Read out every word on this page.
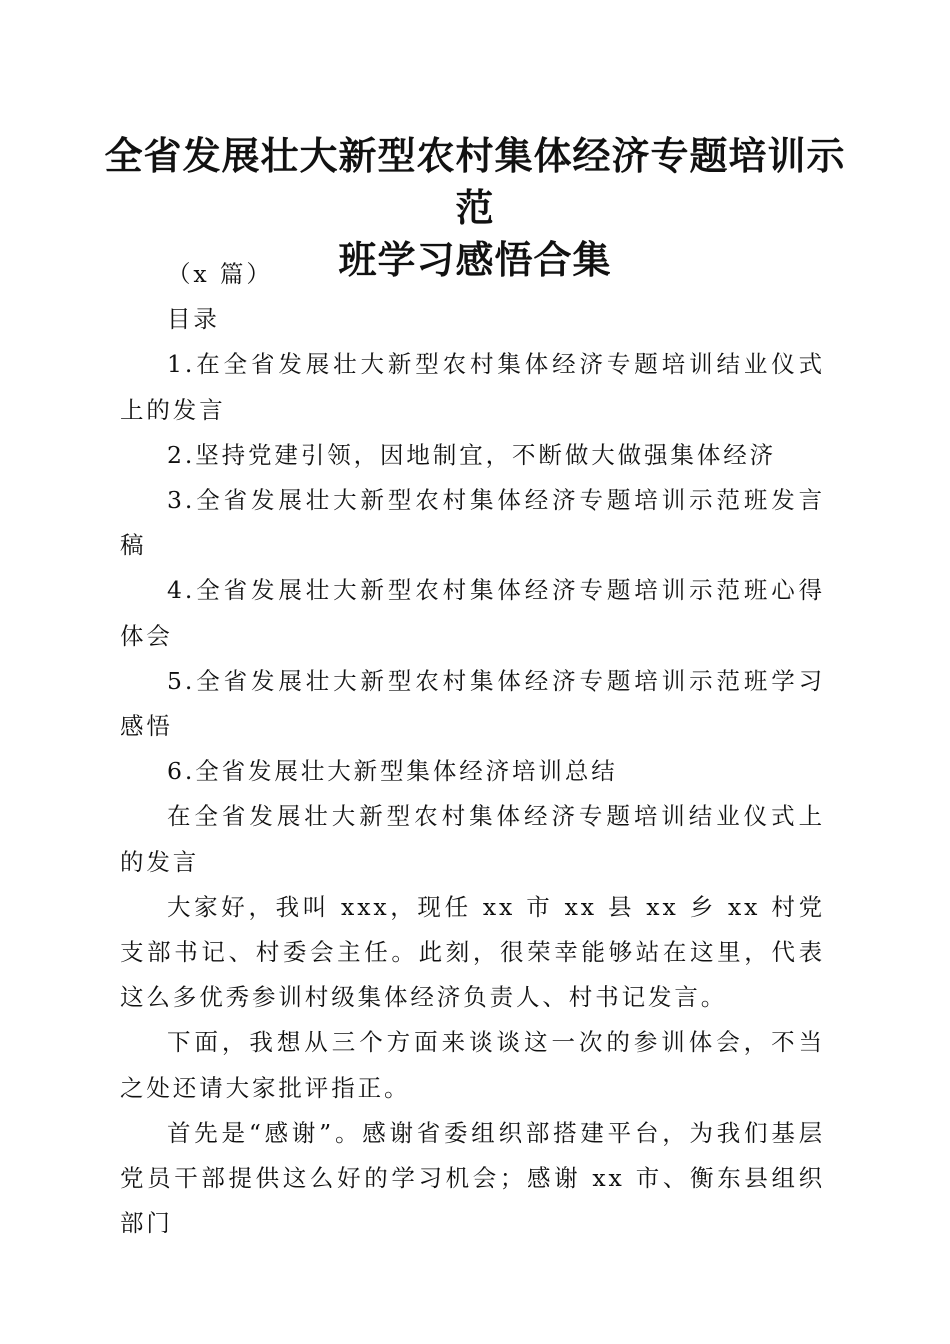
全省发展壮大新型农村集体经济专题培训示范
班学习感悟合集

（x 篇）

目录

1.在全省发展壮大新型农村集体经济专题培训结业仪式上的发言

2.坚持党建引领，因地制宜，不断做大做强集体经济

3.全省发展壮大新型农村集体经济专题培训示范班发言稿

4.全省发展壮大新型农村集体经济专题培训示范班心得体会

5.全省发展壮大新型农村集体经济专题培训示范班学习感悟

6.全省发展壮大新型集体经济培训总结

在全省发展壮大新型农村集体经济专题培训结业仪式上的发言

大家好，我叫 xxx，现任 xx 市 xx 县 xx 乡 xx 村党支部书记、村委会主任。此刻，很荣幸能够站在这里，代表这么多优秀参训村级集体经济负责人、村书记发言。

下面，我想从三个方面来谈谈这一次的参训体会，不当之处还请大家批评指正。

首先是“感谢”。感谢省委组织部搭建平台，为我们基层党员干部提供这么好的学习机会；感谢 xx 市、衡东县组织部门
